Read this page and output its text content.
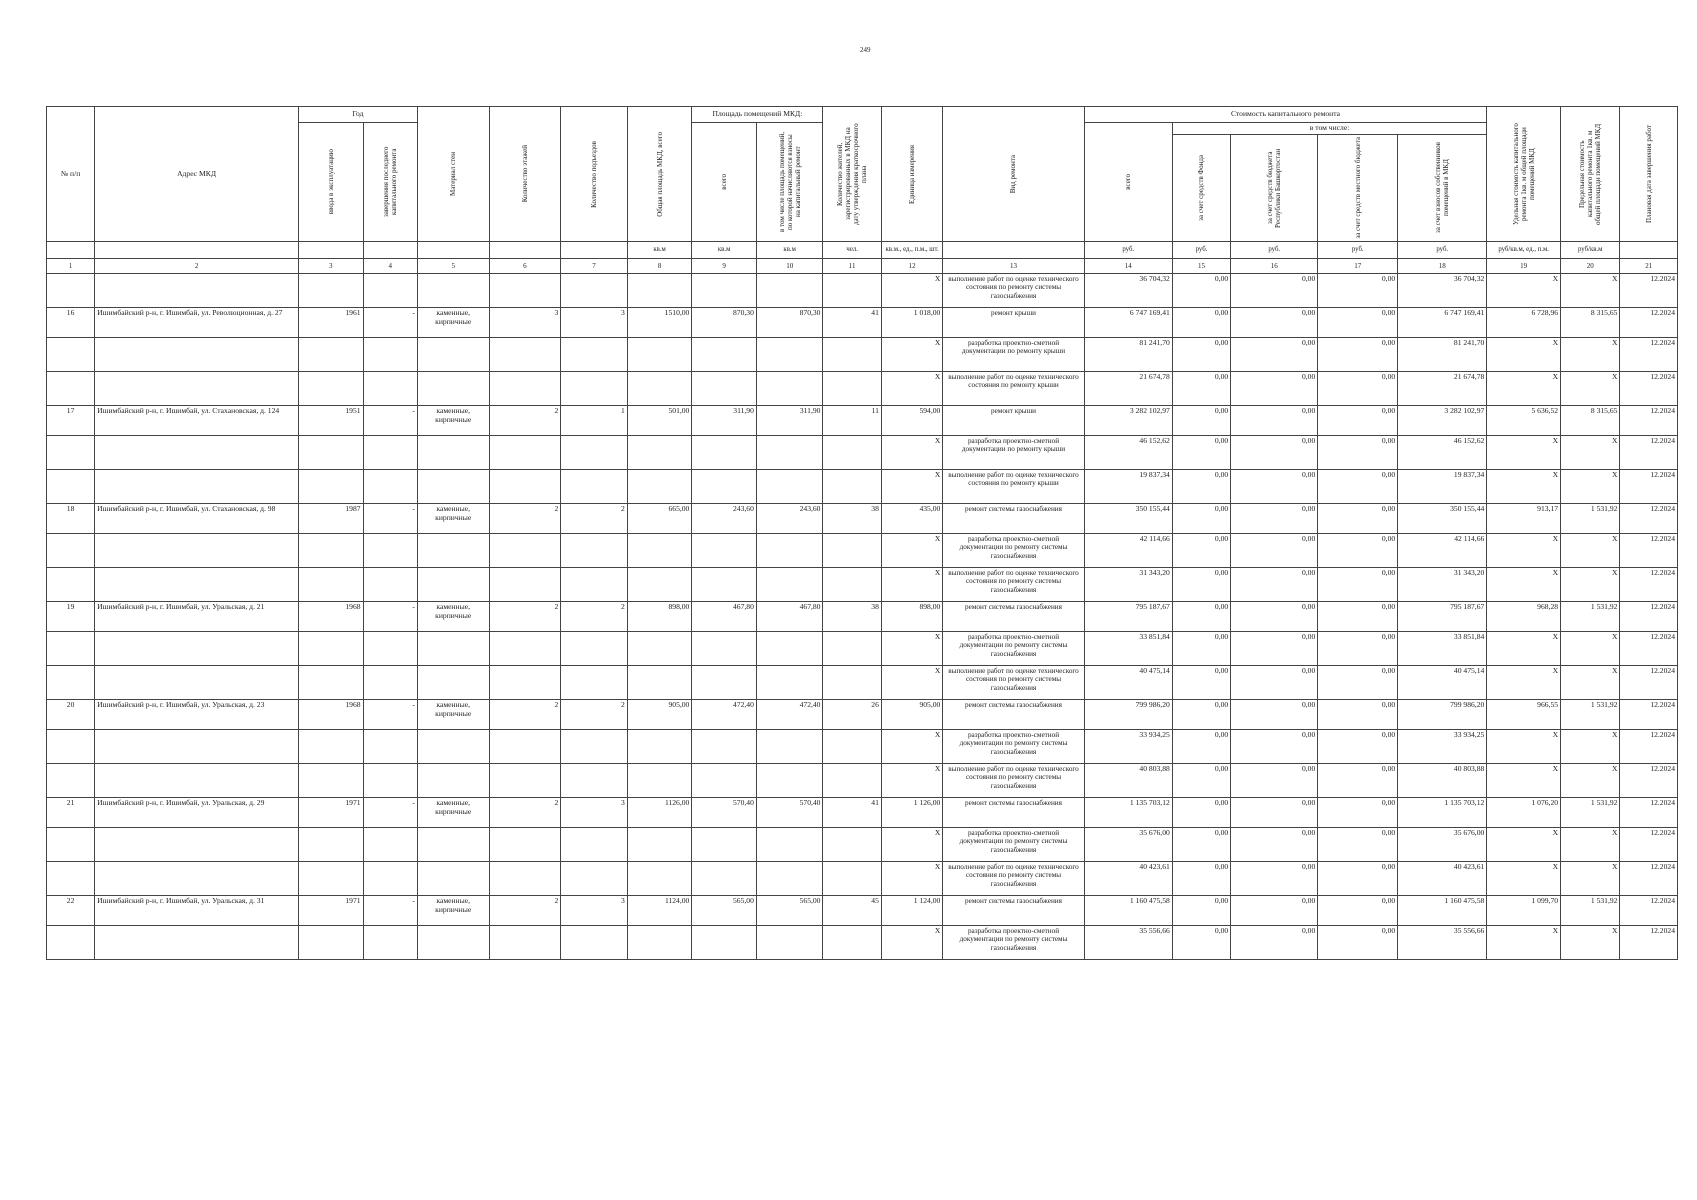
249
№ п/п	Адрес МКД	Год		Материал стен	Количество этажей	Количество подъездов	Общая площадь МКД, всего	Площадь помещений МКД:		Количество жителей, зарегистрированных в МКД на дату утверждения краткосрочного плана	Единица измерения	Вид ремонта	Стоимость капитального ремонта					Удельная стоимость капитального ремонта 1кв. м общей площади помещений МКД	Предельная стоимость капитального ремонта 1кв. м общей площади помещений МКД	Плановая дата завершения работ

		ввода в эксплуатацию	завершения последнего капитального ремонта					всего	в том числе площадь помещений, по которой начисляются взносы на капитальный ремонт				всего	в том числе:						

														за счет средств Фонда	за счет средств бюджета Республики Башкортостан	за счет средств местного бюджета	за счет взносов собственников помещений в МКД			

							кв.м	кв.м	кв.м	чел.	кв.м., ед., п.м., шт.		руб.	руб.	руб.	руб.	руб.	руб/кв.м, ед., п.м.	руб/кв.м	
1	2	3	4	5	6	7	8	9	10	11	12	13	14	15	16	17	18	19	20	21
											X	выполнение работ по оценке технического состояния по ремонту системы газоснабжения	36 704,32	0,00	0,00	0,00	36 704,32	X	X	12.2024
16	Ишимбайский р-н, г. Ишимбай, ул. Революционная, д. 27	1961	-	каменные, кирпичные	3	3	1510,00	870,30	870,30	41	1 018,00	ремонт крыши	6 747 169,41	0,00	0,00	0,00	6 747 169,41	6 728,96	8 315,65	12.2024
											X	разработка проектно-сметной документации по ремонту крыши	81 241,70	0,00	0,00	0,00	81 241,70	X	X	12.2024
											X	выполнение работ по оценке технического состояния по ремонту крыши	21 674,78	0,00	0,00	0,00	21 674,78	X	X	12.2024
17	Ишимбайский р-н, г. Ишимбай, ул. Стахановская, д. 124	1951	-	каменные, кирпичные	2	1	501,00	311,90	311,90	11	594,00	ремонт крыши	3 282 102,97	0,00	0,00	0,00	3 282 102,97	5 636,52	8 315,65	12.2024
											X	разработка проектно-сметной документации по ремонту крыши	46 152,62	0,00	0,00	0,00	46 152,62	X	X	12.2024
											X	выполнение работ по оценке технического состояния по ремонту крыши	19 837,34	0,00	0,00	0,00	19 837,34	X	X	12.2024
18	Ишимбайский р-н, г. Ишимбай, ул. Стахановская, д. 98	1987	-	каменные, кирпичные	2	2	665,00	243,60	243,60	38	435,00	ремонт системы газоснабжения	350 155,44	0,00	0,00	0,00	350 155,44	913,17	1 531,92	12.2024
											X	разработка проектно-сметной документации по ремонту системы газоснабжения	42 114,66	0,00	0,00	0,00	42 114,66	X	X	12.2024
											X	выполнение работ по оценке технического состояния по ремонту системы газоснабжения	31 343,20	0,00	0,00	0,00	31 343,20	X	X	12.2024
19	Ишимбайский р-н, г. Ишимбай, ул. Уральская, д. 21	1968	-	каменные, кирпичные	2	2	898,00	467,80	467,80	38	898,00	ремонт системы газоснабжения	795 187,67	0,00	0,00	0,00	795 187,67	968,28	1 531,92	12.2024
											X	разработка проектно-сметной документации по ремонту системы газоснабжения	33 851,84	0,00	0,00	0,00	33 851,84	X	X	12.2024
											X	выполнение работ по оценке технического состояния по ремонту системы газоснабжения	40 475,14	0,00	0,00	0,00	40 475,14	X	X	12.2024
20	Ишимбайский р-н, г. Ишимбай, ул. Уральская, д. 23	1968	-	каменные, кирпичные	2	2	905,00	472,40	472,40	26	905,00	ремонт системы газоснабжения	799 986,20	0,00	0,00	0,00	799 986,20	966,55	1 531,92	12.2024
											X	разработка проектно-сметной документации по ремонту системы газоснабжения	33 934,25	0,00	0,00	0,00	33 934,25	X	X	12.2024
											X	выполнение работ по оценке технического состояния по ремонту системы газоснабжения	40 803,88	0,00	0,00	0,00	40 803,88	X	X	12.2024
21	Ишимбайский р-н, г. Ишимбай, ул. Уральская, д. 29	1971	-	каменные, кирпичные	2	3	1126,00	570,40	570,40	41	1 126,00	ремонт системы газоснабжения	1 135 703,12	0,00	0,00	0,00	1 135 703,12	1 076,20	1 531,92	12.2024
											X	разработка проектно-сметной документации по ремонту системы газоснабжения	35 676,00	0,00	0,00	0,00	35 676,00	X	X	12.2024
											X	выполнение работ по оценке технического состояния по ремонту системы газоснабжения	40 423,61	0,00	0,00	0,00	40 423,61	X	X	12.2024
22	Ишимбайский р-н, г. Ишимбай, ул. Уральская, д. 31	1971	-	каменные, кирпичные	2	3	1124,00	565,00	565,00	45	1 124,00	ремонт системы газоснабжения	1 160 475,58	0,00	0,00	0,00	1 160 475,58	1 099,70	1 531,92	12.2024
											X	разработка проектно-сметной документации по ремонту системы газоснабжения	35 556,66	0,00	0,00	0,00	35 556,66	X	X	12.2024
